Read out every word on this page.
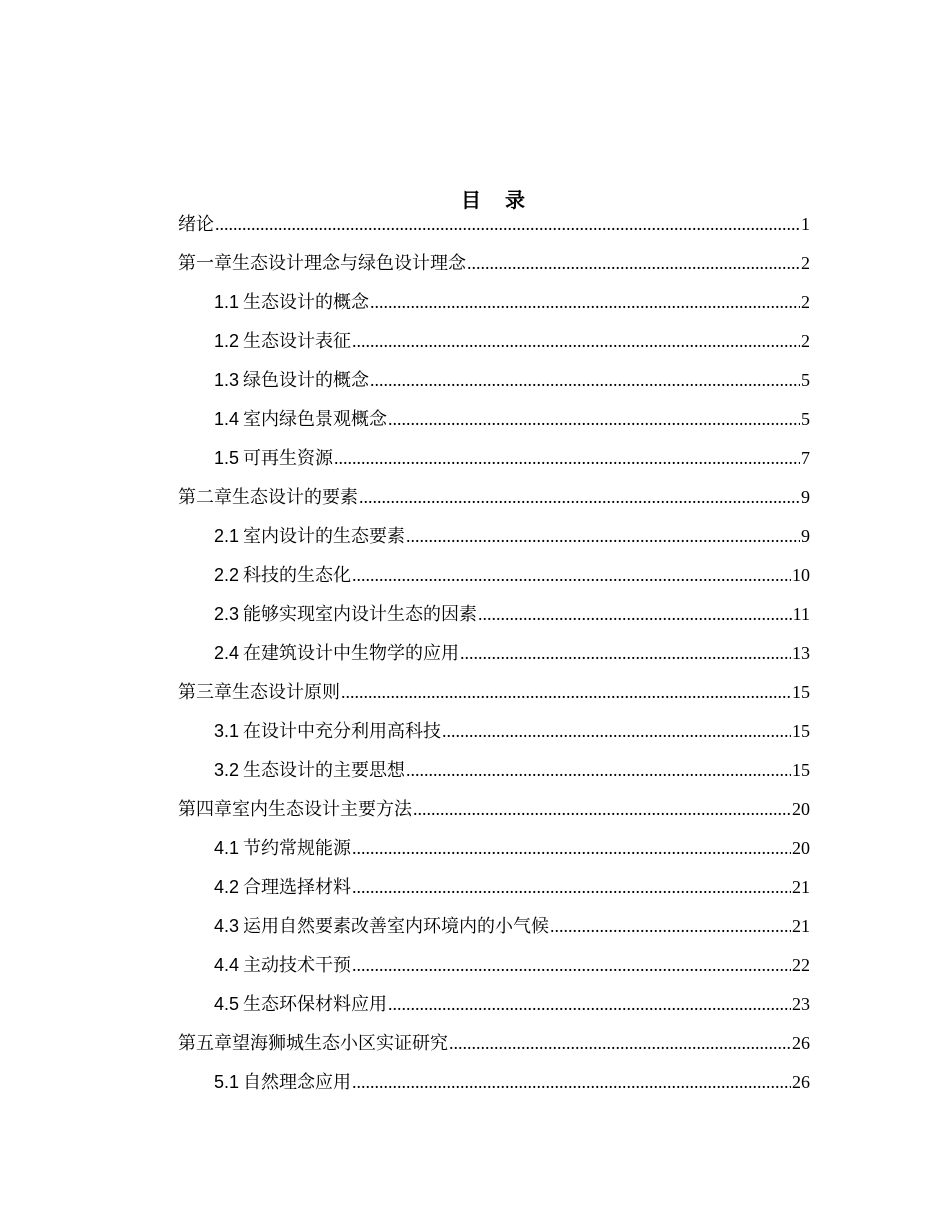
目　录
绪论 .....	1
第一章生态设计理念与绿色设计理念 .....	2
1.1 生态设计的概念 .....	2
1.2 生态设计表征 .....	2
1.3 绿色设计的概念 .....	5
1.4 室内绿色景观概念 .....	5
1.5 可再生资源 .....	7
第二章生态设计的要素 .....	9
2.1 室内设计的生态要素 .....	9
2.2 科技的生态化 .....	10
2.3 能够实现室内设计生态的因素 .....	11
2.4 在建筑设计中生物学的应用 .....	13
第三章生态设计原则 .....	15
3.1 在设计中充分利用高科技 .....	15
3.2 生态设计的主要思想 .....	15
第四章室内生态设计主要方法 .....	20
4.1 节约常规能源 .....	20
4.2 合理选择材料 .....	21
4.3 运用自然要素改善室内环境内的小气候 .....	21
4.4 主动技术干预 .....	22
4.5 生态环保材料应用 .....	23
第五章望海狮城生态小区实证研究 .....	26
5.1 自然理念应用 .....	26
